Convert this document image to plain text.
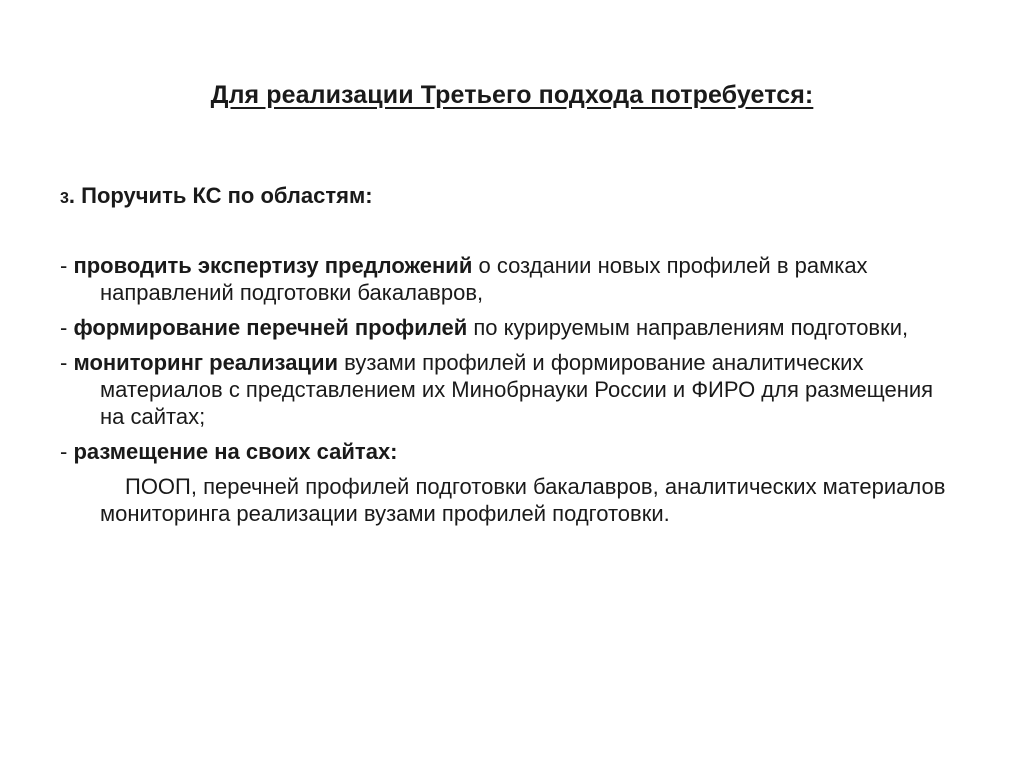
Для реализации Третьего подхода потребуется:

3. Поручить КС по областям:

- проводить экспертизу предложений о создании новых профилей в рамках направлений подготовки бакалавров,

- формирование перечней профилей по курируемым направлениям подготовки,

- мониторинг реализации вузами профилей и формирование аналитических материалов с представлением их Минобрнауки России и ФИРО для размещения на сайтах;

- размещение на своих сайтах:

ПООП, перечней профилей подготовки бакалавров, аналитических материалов мониторинга реализации вузами профилей подготовки.
